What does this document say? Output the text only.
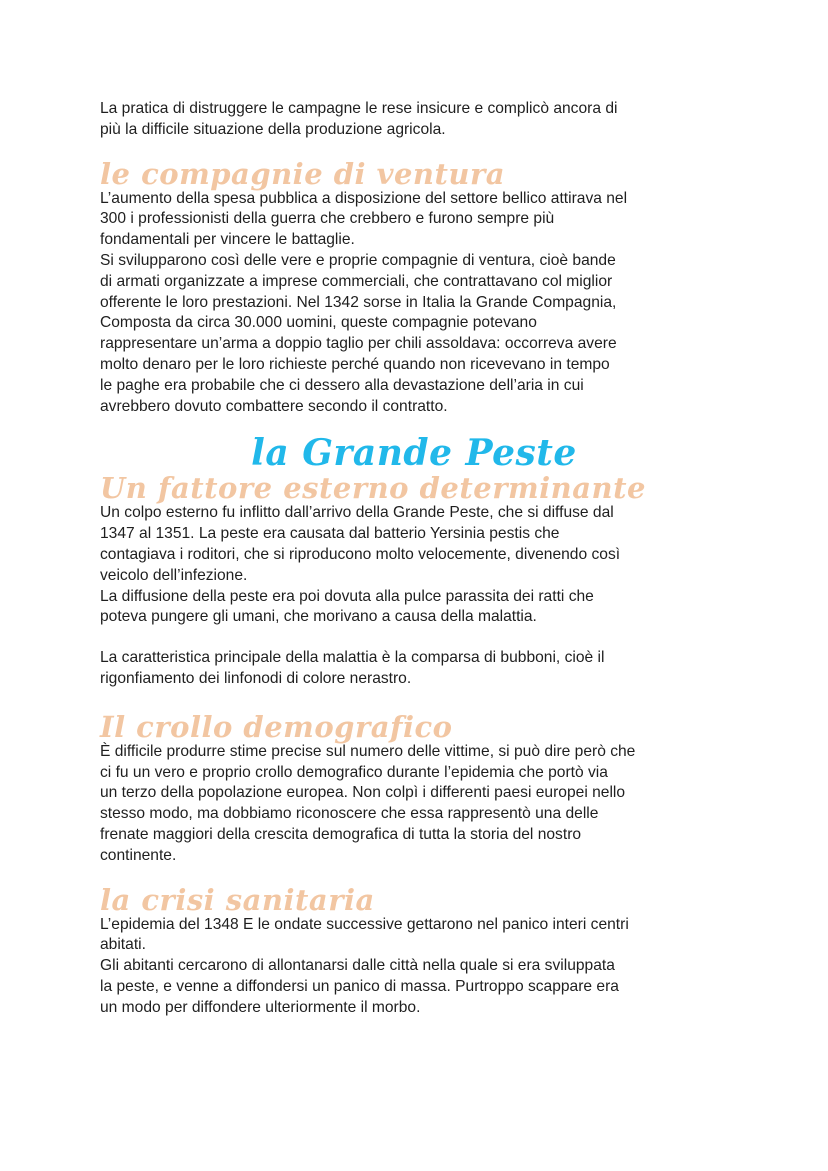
La pratica di distruggere le campagne le rese insicure e complicò ancora di
più la difficile situazione della produzione agricola.

le compagnie di ventura

L’aumento della spesa pubblica a disposizione del settore bellico attirava nel
300 i professionisti della guerra che crebbero e furono sempre più
fondamentali per vincere le battaglie.
Si svilupparono così delle vere e proprie compagnie di ventura, cioè bande
di armati organizzate a imprese commerciali, che contrattavano col miglior
offerente le loro prestazioni. Nel 1342 sorse in Italia la Grande Compagnia,
Composta da circa 30.000 uomini, queste compagnie potevano
rappresentare un’arma a doppio taglio per chili assoldava: occorreva avere
molto denaro per le loro richieste perché quando non ricevevano in tempo
le paghe era probabile che ci dessero alla devastazione dell’aria in cui
avrebbero dovuto combattere secondo il contratto.

la Grande Peste
Un fattore esterno determinante

Un colpo esterno fu inflitto dall’arrivo della Grande Peste, che si diffuse dal
1347 al 1351. La peste era causata dal batterio Yersinia pestis che
contagiava i roditori, che si riproducono molto velocemente, divenendo così
veicolo dell’infezione.
La diffusione della peste era poi dovuta alla pulce parassita dei ratti che
poteva pungere gli umani, che morivano a causa della malattia.

La caratteristica principale della malattia è la comparsa di bubboni, cioè il
rigonfiamento dei linfonodi di colore nerastro.

Il crollo demografico

È difficile produrre stime precise sul numero delle vittime, si può dire però che
ci fu un vero e proprio crollo demografico durante l’epidemia che portò via
un terzo della popolazione europea. Non colpì i differenti paesi europei nello
stesso modo, ma dobbiamo riconoscere che essa rappresentò una delle
frenate maggiori della crescita demografica di tutta la storia del nostro
continente.

la crisi sanitaria

L’epidemia del 1348 E le ondate successive gettarono nel panico interi centri
abitati.
Gli abitanti cercarono di allontanarsi dalle città nella quale si era sviluppata
la peste, e venne a diffondersi un panico di massa. Purtroppo scappare era
un modo per diffondere ulteriormente il morbo.
